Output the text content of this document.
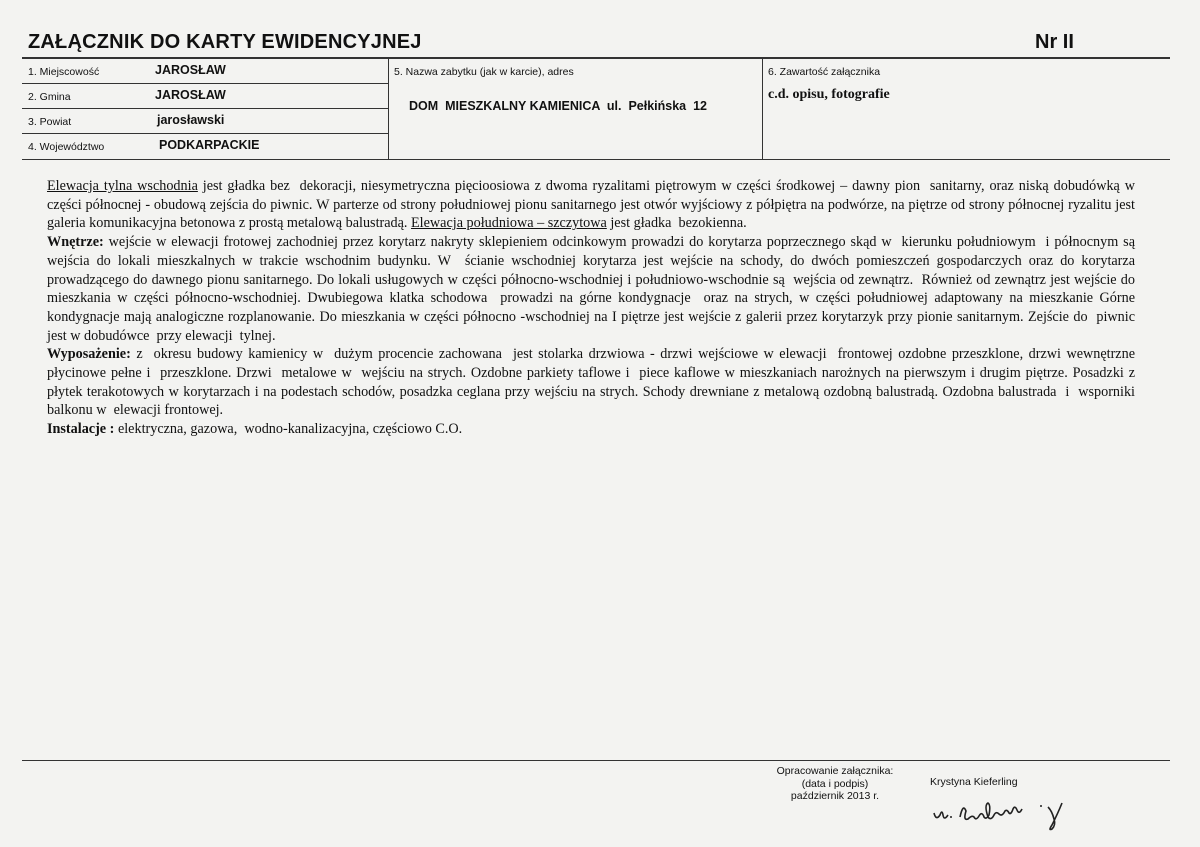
ZAŁĄCZNIK DO KARTY EWIDENCYJNEJ	Nr II
1. Miejscowość	JAROSŁAW
2. Gmina	JAROSŁAW
3. Powiat	jarosławski
4. Województwo	PODKARPACKIE
5. Nazwa zabytku (jak w karcie), adres
DOM  MIESZKALNY KAMIENICA  ul.  Pełkińska  12
6. Zawartość załącznika
c.d. opisu, fotografie

Elewacja tylna wschodnia jest gładka bez  dekoracji, niesymetryczna pięcioosiowa z dwoma ryzalitami piętrowym w części środkowej – dawny pion  sanitarny, oraz niską dobudówką w części północnej - obudową zejścia do piwnic. W parterze od strony południowej pionu sanitarnego jest otwór wyjściowy z półpiętra na podwórze, na piętrze od strony północnej ryzalitu jest galeria komunikacyjna betonowa z prostą metalową balustradą. Elewacja południowa – szczytowa jest gładka  bezokienna.

Wnętrze: wejście w elewacji frotowej zachodniej przez korytarz nakryty sklepieniem odcinkowym prowadzi do korytarza poprzecznego skąd w  kierunku południowym  i północnym są  wejścia do lokali mieszkalnych w trakcie wschodnim budynku. W  ścianie wschodniej korytarza jest wejście na schody, do dwóch pomieszczeń gospodarczych oraz do korytarza prowadzącego do dawnego pionu sanitarnego. Do lokali usługowych w części północno-wschodniej i południowo-wschodnie są  wejścia od zewnątrz.  Również od zewnątrz jest wejście do mieszkania w części północno-wschodniej. Dwubiegowa klatka schodowa  prowadzi na górne kondygnacje  oraz na strych, w części południowej adaptowany na mieszkanie Górne kondygnacje mają analogiczne rozplanowanie. Do mieszkania w części północno -wschodniej na I piętrze jest wejście z galerii przez korytarzyk przy pionie sanitarnym. Zejście do  piwnic jest w dobudówce  przy elewacji  tylnej.

Wyposażenie: z  okresu budowy kamienicy w  dużym procencie zachowana  jest stolarka drzwiowa - drzwi wejściowe w elewacji  frontowej ozdobne przeszklone, drzwi wewnętrzne płycinowe pełne i  przeszklone. Drzwi  metalowe w  wejściu na strych. Ozdobne parkiety taflowe i  piece kaflowe w mieszkaniach narożnych na pierwszym i drugim piętrze. Posadzki z płytek terakotowych w korytarzach i na podestach schodów, posadzka ceglana przy wejściu na strych. Schody drewniane z metalową ozdobną balustradą. Ozdobna balustrada  i  wsporniki  balkonu w  elewacji frontowej.

Instalacje : elektryczna, gazowa,  wodno-kanalizacyjna, częściowo C.O.

Opracowanie załącznika:
(data i podpis)
październik 2013 r.
Krystyna Kieferling
